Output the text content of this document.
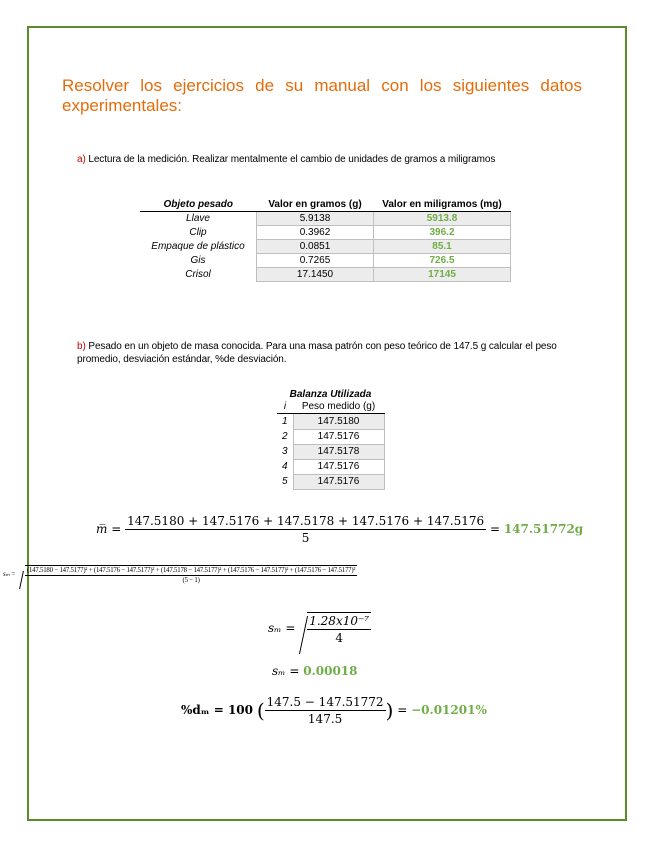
Resolver los ejercicios de su manual con los siguientes datos experimentales:
a) Lectura de la medición. Realizar mentalmente el cambio de unidades de gramos a miligramos
Objeto pesado	Valor en gramos (g)	Valor en miligramos (mg)
Llave	5.9138	5913.8
Clip	0.3962	396.2
Empaque de plástico	0.0851	85.1
Gis	0.7265	726.5
Crisol	17.1450	17145
b) Pesado en un objeto de masa conocida. Para una masa patrón con peso teórico de 147.5 g calcular el peso promedio, desviación estándar, %de desviación.
Balanza Utilizada	
i	Peso medido (g)
1	147.5180
2	147.5176
3	147.5178
4	147.5176
5	147.5176
m̅ = $\frac{147.5180 + 147.5176 + 147.5178 + 147.5176 + 147.5176}{5} = 147.51772g$
sₘ =
(147.5180 − 147.5177)² + (147.5176 − 147.5177)² + (147.5178 − 147.5177)² + (147.5176 − 147.5177)² + (147.5176 − 147.5177)²
(5 − 1)
$s_m = \frac{\text{1.28x10⁻⁷}}{4}$
sₘ = 0.00018
%dₘ = 100 ( $\frac{147.5 - 147.51772}{147.5}$ ) = −0.01201%
